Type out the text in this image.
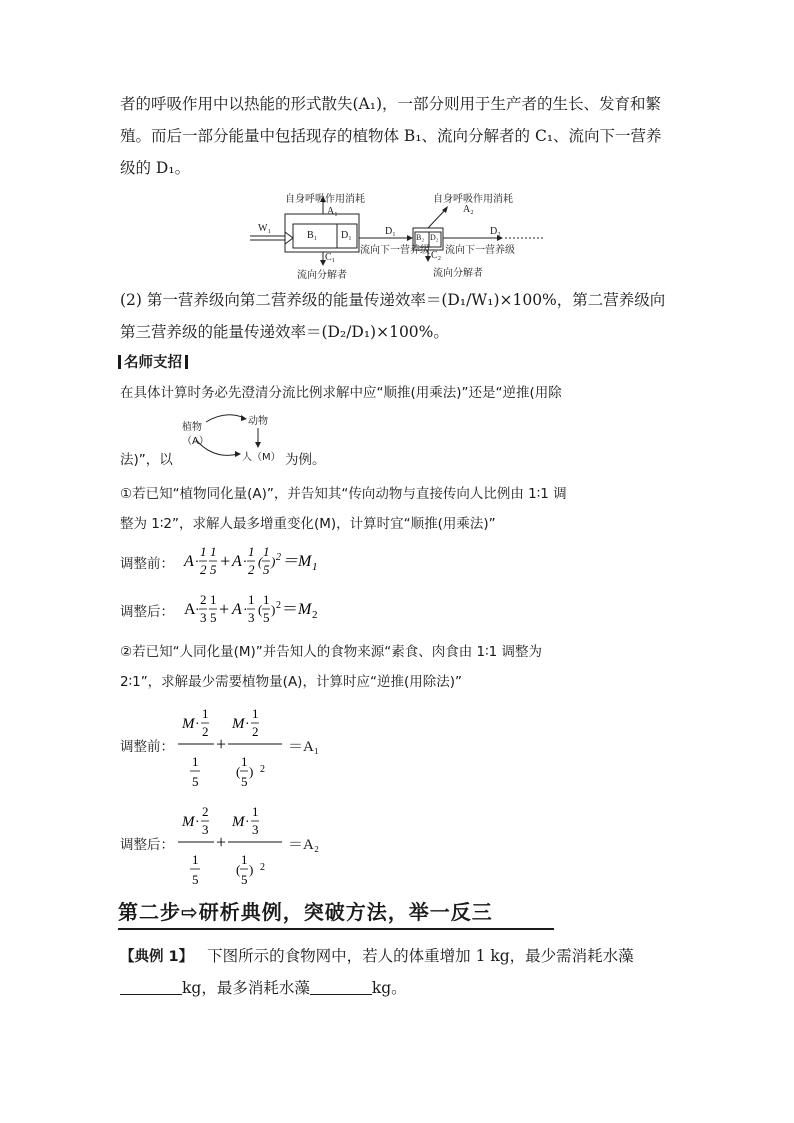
者的呼吸作用中以热能的形式散失(A₁)，一部分则用于生产者的生长、发育和繁
殖。而后一部分能量中包括现存的植物体 B₁、流向分解者的 C₁、流向下一营养
级的 D₁。
自身呼吸作用消耗	自身呼吸作用消耗
W₁
A₁	A₂
B₁ D₁	D₁
B₂ D₂
D₂
C₁	C₂
流向下一营养级 流向下一营养级
流向分解者	流向分解者
(2) 第一营养级向第二营养级的能量传递效率＝(D₁/W₁)×100%，第二营养级向
第三营养级的能量传递效率＝(D₂/D₁)×100%。
名师支招
在具体计算时务必先澄清分流比例求解中应“顺推(用乘法)”还是“逆推(用除
法)”，以
植物
（A）
动物
人（M） 为例。
①若已知“植物同化量(A)”，并告知其“传向动物与直接传向人比例由 1∶1 调
整为 1∶2”，求解人最多增重变化(M)，计算时宜“顺推(用乘法)”
调整前： A ·
1
2
1
5 + A ·
1
2
(
1
5
) 2 ＝ M 1
调整后： A ·
2
3
1
5 + A ·
1
3
(
1
5
) 2 ＝ M 2
②若已知“人同化量(M)”并告知人的食物来源“素食、肉食由 1∶1 调整为
2∶1”，求解最少需要植物量(A)，计算时应“逆推(用除法)”
调整前：
M ·
1
2
1
5
+
M ·
1
2
(
1
5
) 2
＝A₁
调整后：
M ·
2
3
1
5
+
M ·
1
3
(
1
5
) 2
＝A₂
第二步⇨研析典例，突破方法，举一反三
【典例 1】 下图所示的食物网中，若人的体重增加 1 kg，最少需消耗水藻
kg，最多消耗水藻	kg。
